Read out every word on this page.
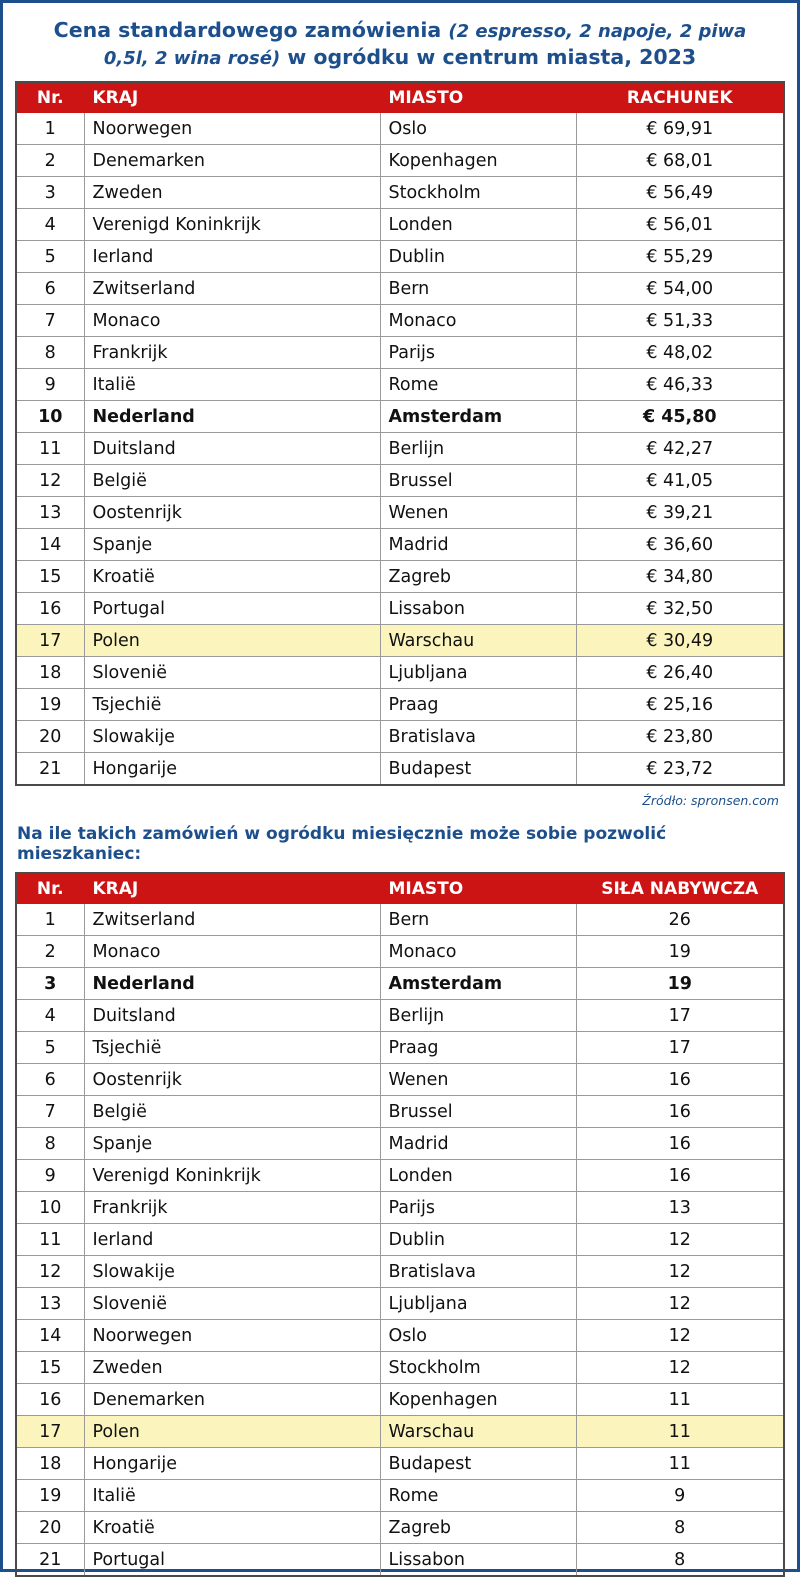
Cena standardowego zamówienia (2 espresso, 2 napoje, 2 piwa 0,5l, 2 wina rosé) w ogródku w centrum miasta, 2023
Nr.	KRAJ	MIASTO	RACHUNEK
1	Noorwegen	Oslo	€ 69,91
2	Denemarken	Kopenhagen	€ 68,01
3	Zweden	Stockholm	€ 56,49
4	Verenigd Koninkrijk	Londen	€ 56,01
5	Ierland	Dublin	€ 55,29
6	Zwitserland	Bern	€ 54,00
7	Monaco	Monaco	€ 51,33
8	Frankrijk	Parijs	€ 48,02
9	Italië	Rome	€ 46,33
10	Nederland	Amsterdam	€ 45,80
11	Duitsland	Berlijn	€ 42,27
12	België	Brussel	€ 41,05
13	Oostenrijk	Wenen	€ 39,21
14	Spanje	Madrid	€ 36,60
15	Kroatië	Zagreb	€ 34,80
16	Portugal	Lissabon	€ 32,50
17	Polen	Warschau	€ 30,49
18	Slovenië	Ljubljana	€ 26,40
19	Tsjechië	Praag	€ 25,16
20	Slowakije	Bratislava	€ 23,80
21	Hongarije	Budapest	€ 23,72
Źródło: spronsen.com
Na ile takich zamówień w ogródku miesięcznie może sobie pozwolić mieszkaniec:
Nr.	KRAJ	MIASTO	SIŁA NABYWCZA
1	Zwitserland	Bern	26
2	Monaco	Monaco	19
3	Nederland	Amsterdam	19
4	Duitsland	Berlijn	17
5	Tsjechië	Praag	17
6	Oostenrijk	Wenen	16
7	België	Brussel	16
8	Spanje	Madrid	16
9	Verenigd Koninkrijk	Londen	16
10	Frankrijk	Parijs	13
11	Ierland	Dublin	12
12	Slowakije	Bratislava	12
13	Slovenië	Ljubljana	12
14	Noorwegen	Oslo	12
15	Zweden	Stockholm	12
16	Denemarken	Kopenhagen	11
17	Polen	Warschau	11
18	Hongarije	Budapest	11
19	Italië	Rome	9
20	Kroatië	Zagreb	8
21	Portugal	Lissabon	8
